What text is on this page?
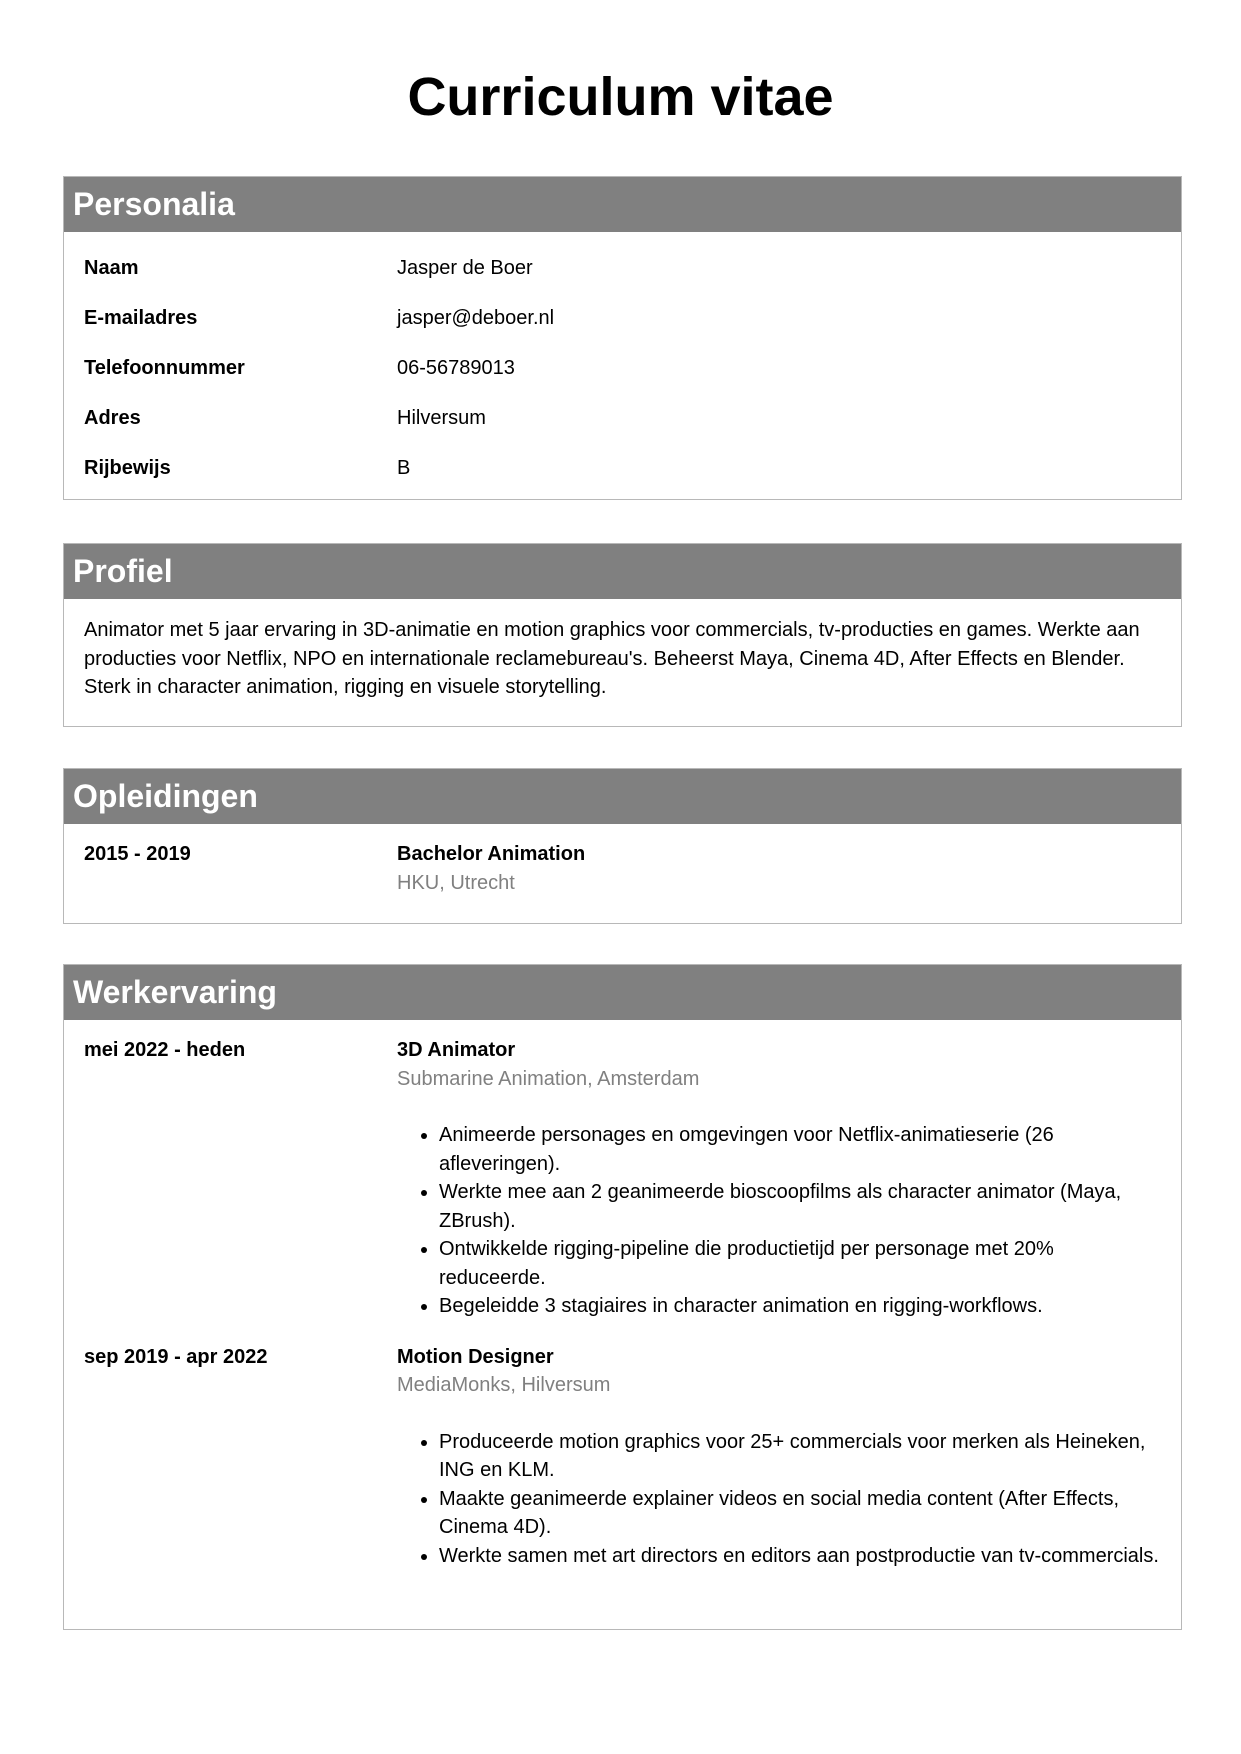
Curriculum vitae
Personalia
Naam	Jasper de Boer
E-mailadres	jasper@deboer.nl
Telefoonnummer	06-56789013
Adres	Hilversum
Rijbewijs	B
Profiel

Animator met 5 jaar ervaring in 3D-animatie en motion graphics voor commercials, tv-producties en games. Werkte aan producties voor Netflix, NPO en internationale reclamebureau's. Beheerst Maya, Cinema 4D, After Effects en Blender. Sterk in character animation, rigging en visuele storytelling.

Opleidingen
2015 - 2019	Bachelor Animation
HKU, Utrecht
Werkervaring
mei 2022 - heden	3D Animator
Submarine Animation, Amsterdam
• Animeerde personages en omgevingen voor Netflix-animatieserie (26 afleveringen).
• Werkte mee aan 2 geanimeerde bioscoopfilms als character animator (Maya, ZBrush).
• Ontwikkelde rigging-pipeline die productietijd per personage met 20% reduceerde.
• Begeleidde 3 stagiaires in character animation en rigging-workflows.
sep 2019 - apr 2022	Motion Designer
MediaMonks, Hilversum
• Produceerde motion graphics voor 25+ commercials voor merken als Heineken, ING en KLM.
• Maakte geanimeerde explainer videos en social media content (After Effects, Cinema 4D).
• Werkte samen met art directors en editors aan postproductie van tv-commercials.
